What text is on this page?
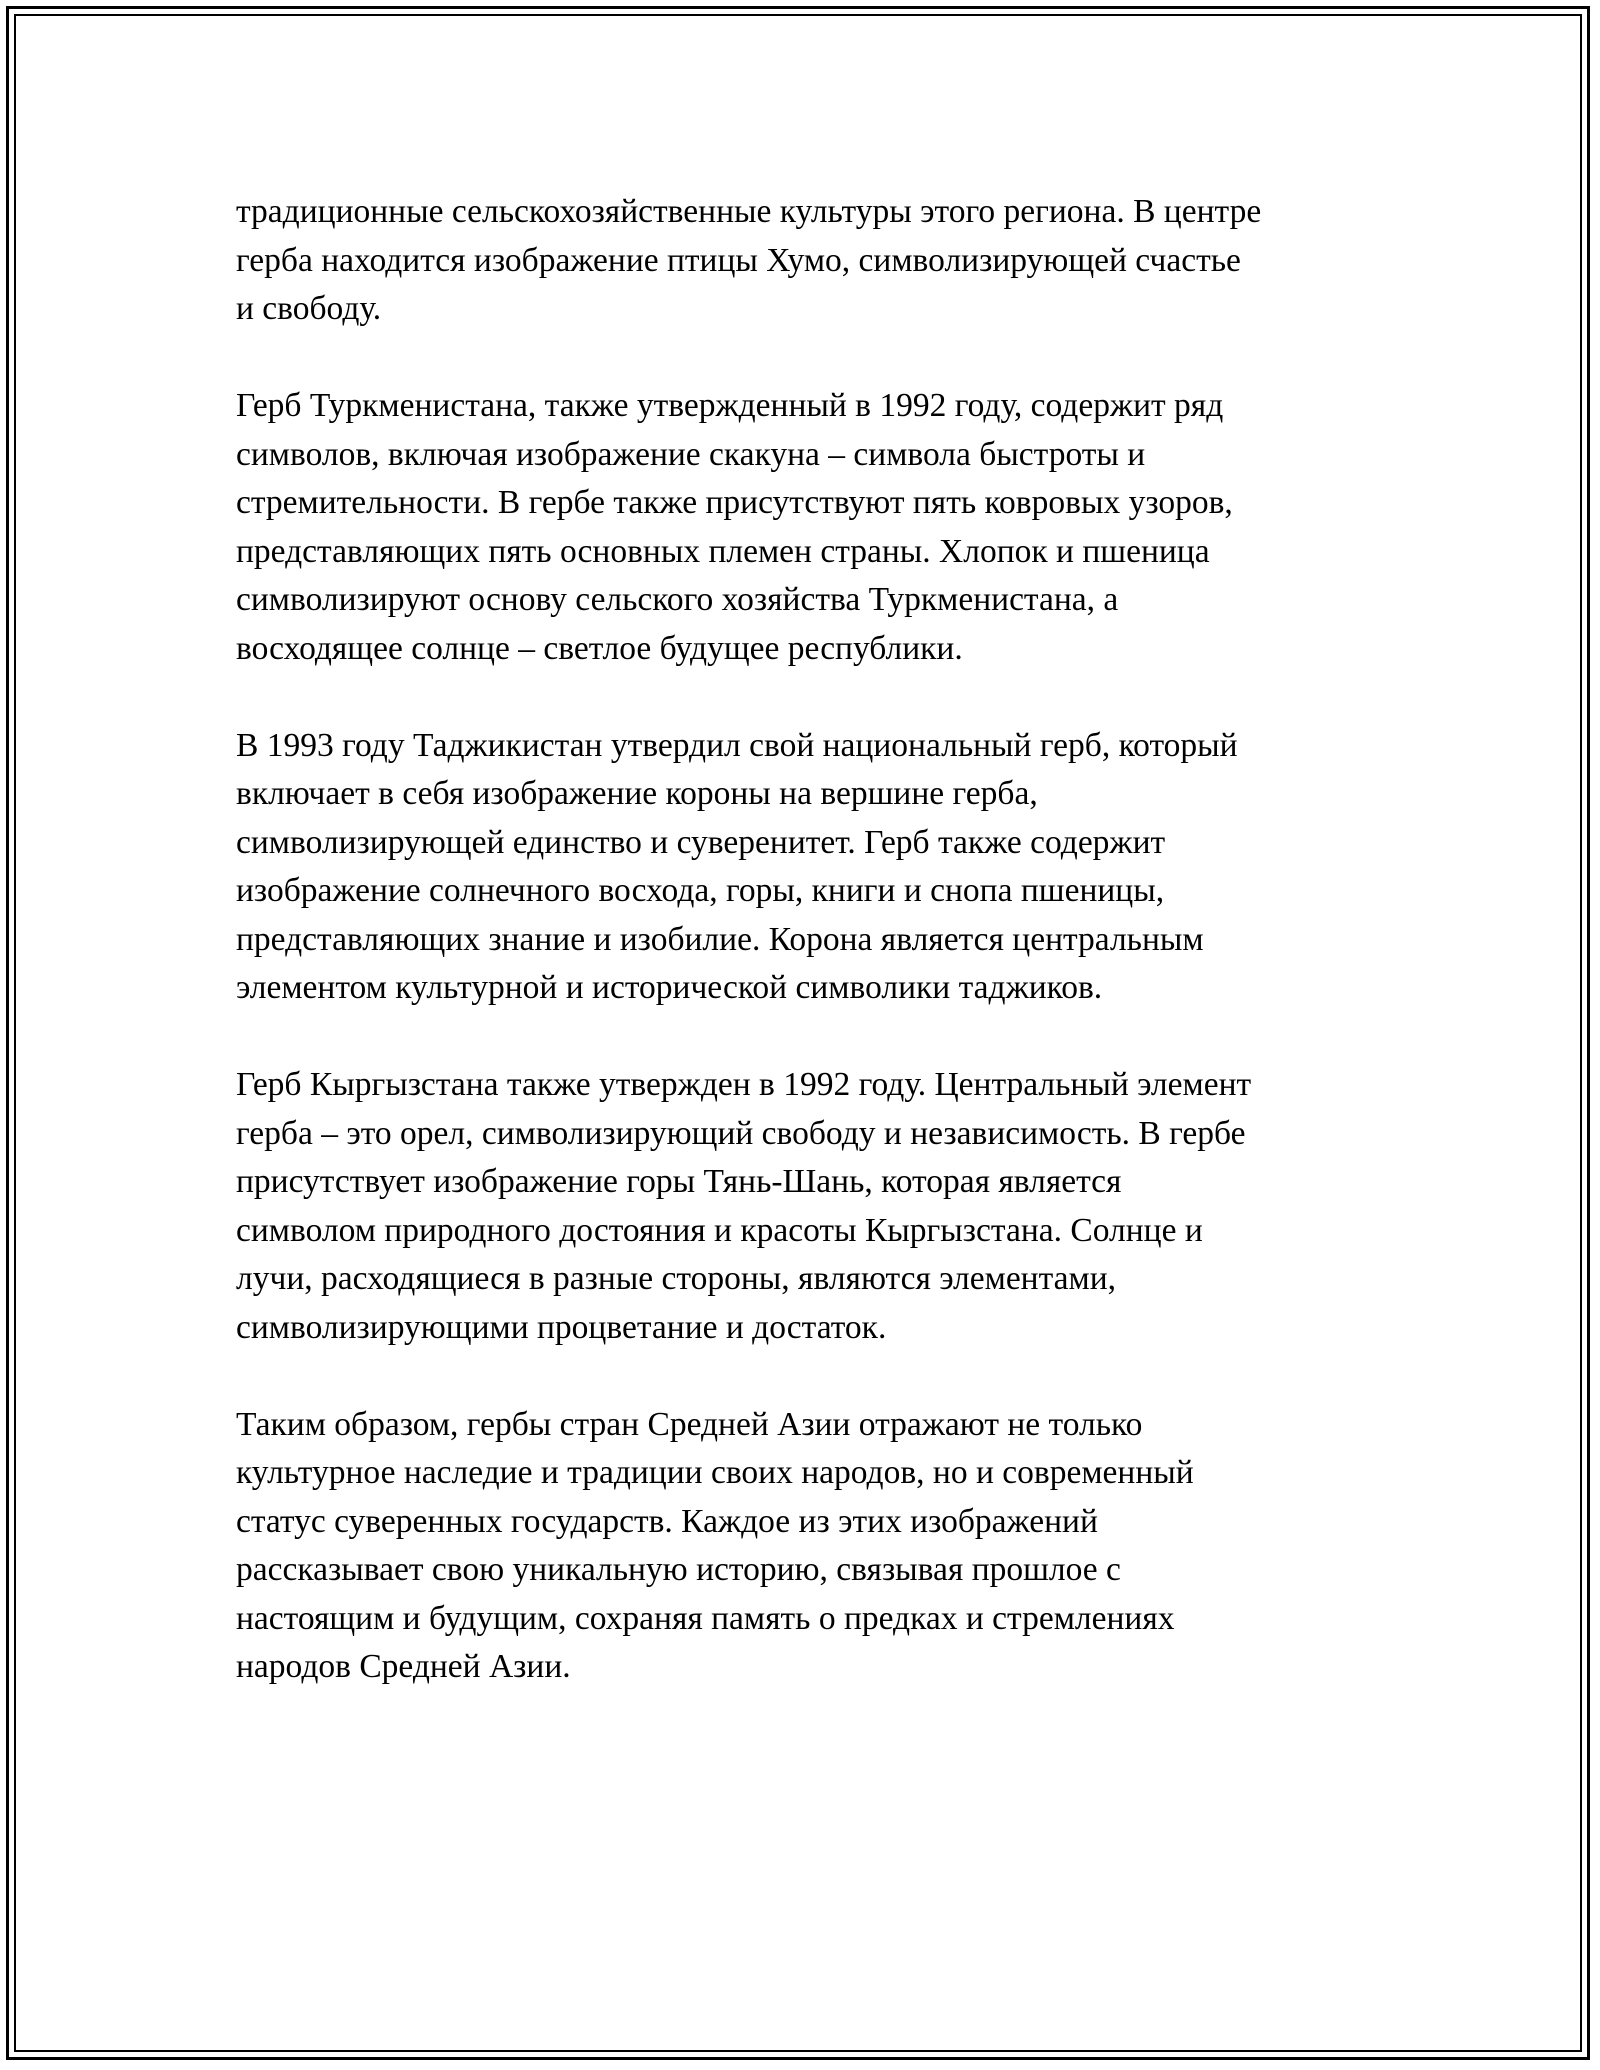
традиционные сельскохозяйственные культуры этого региона. В центре
герба находится изображение птицы Хумо, символизирующей счастье
и свободу.

Герб Туркменистана, также утвержденный в 1992 году, содержит ряд
символов, включая изображение скакуна – символа быстроты и
стремительности. В гербе также присутствуют пять ковровых узоров,
представляющих пять основных племен страны. Хлопок и пшеница
символизируют основу сельского хозяйства Туркменистана, а
восходящее солнце – светлое будущее республики.

В 1993 году Таджикистан утвердил свой национальный герб, который
включает в себя изображение короны на вершине герба,
символизирующей единство и суверенитет. Герб также содержит
изображение солнечного восхода, горы, книги и снопа пшеницы,
представляющих знание и изобилие. Корона является центральным
элементом культурной и исторической символики таджиков.

Герб Кыргызстана также утвержден в 1992 году. Центральный элемент
герба – это орел, символизирующий свободу и независимость. В гербе
присутствует изображение горы Тянь-Шань, которая является
символом природного достояния и красоты Кыргызстана. Солнце и
лучи, расходящиеся в разные стороны, являются элементами,
символизирующими процветание и достаток.

Таким образом, гербы стран Средней Азии отражают не только
культурное наследие и традиции своих народов, но и современный
статус суверенных государств. Каждое из этих изображений
рассказывает свою уникальную историю, связывая прошлое с
настоящим и будущим, сохраняя память о предках и стремлениях
народов Средней Азии.
